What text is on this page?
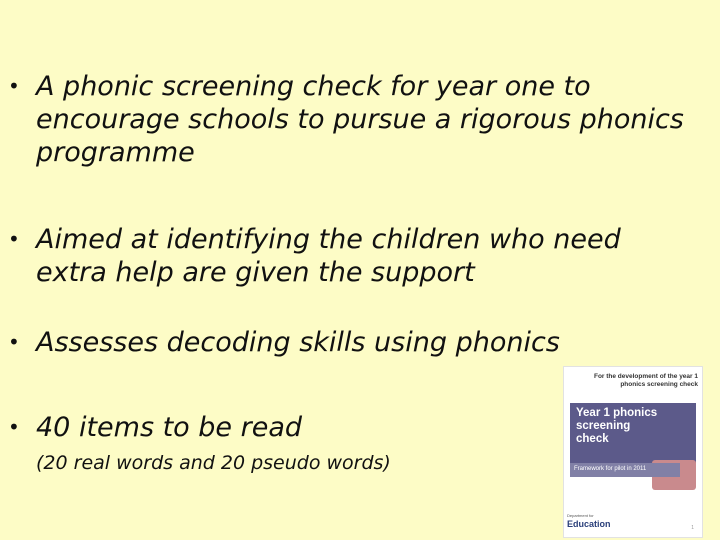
• A phonic screening check for year one to encourage schools to pursue a rigorous phonics programme
• Aimed at identifying the children who need extra help are given the support
• Assesses decoding skills using phonics
• 40 items to be read
(20 real words and 20 pseudo words)
For the development of the year 1
phonics screening check
Year 1 phonics screening check
Framework for pilot in 2011
Department for
Education	1
